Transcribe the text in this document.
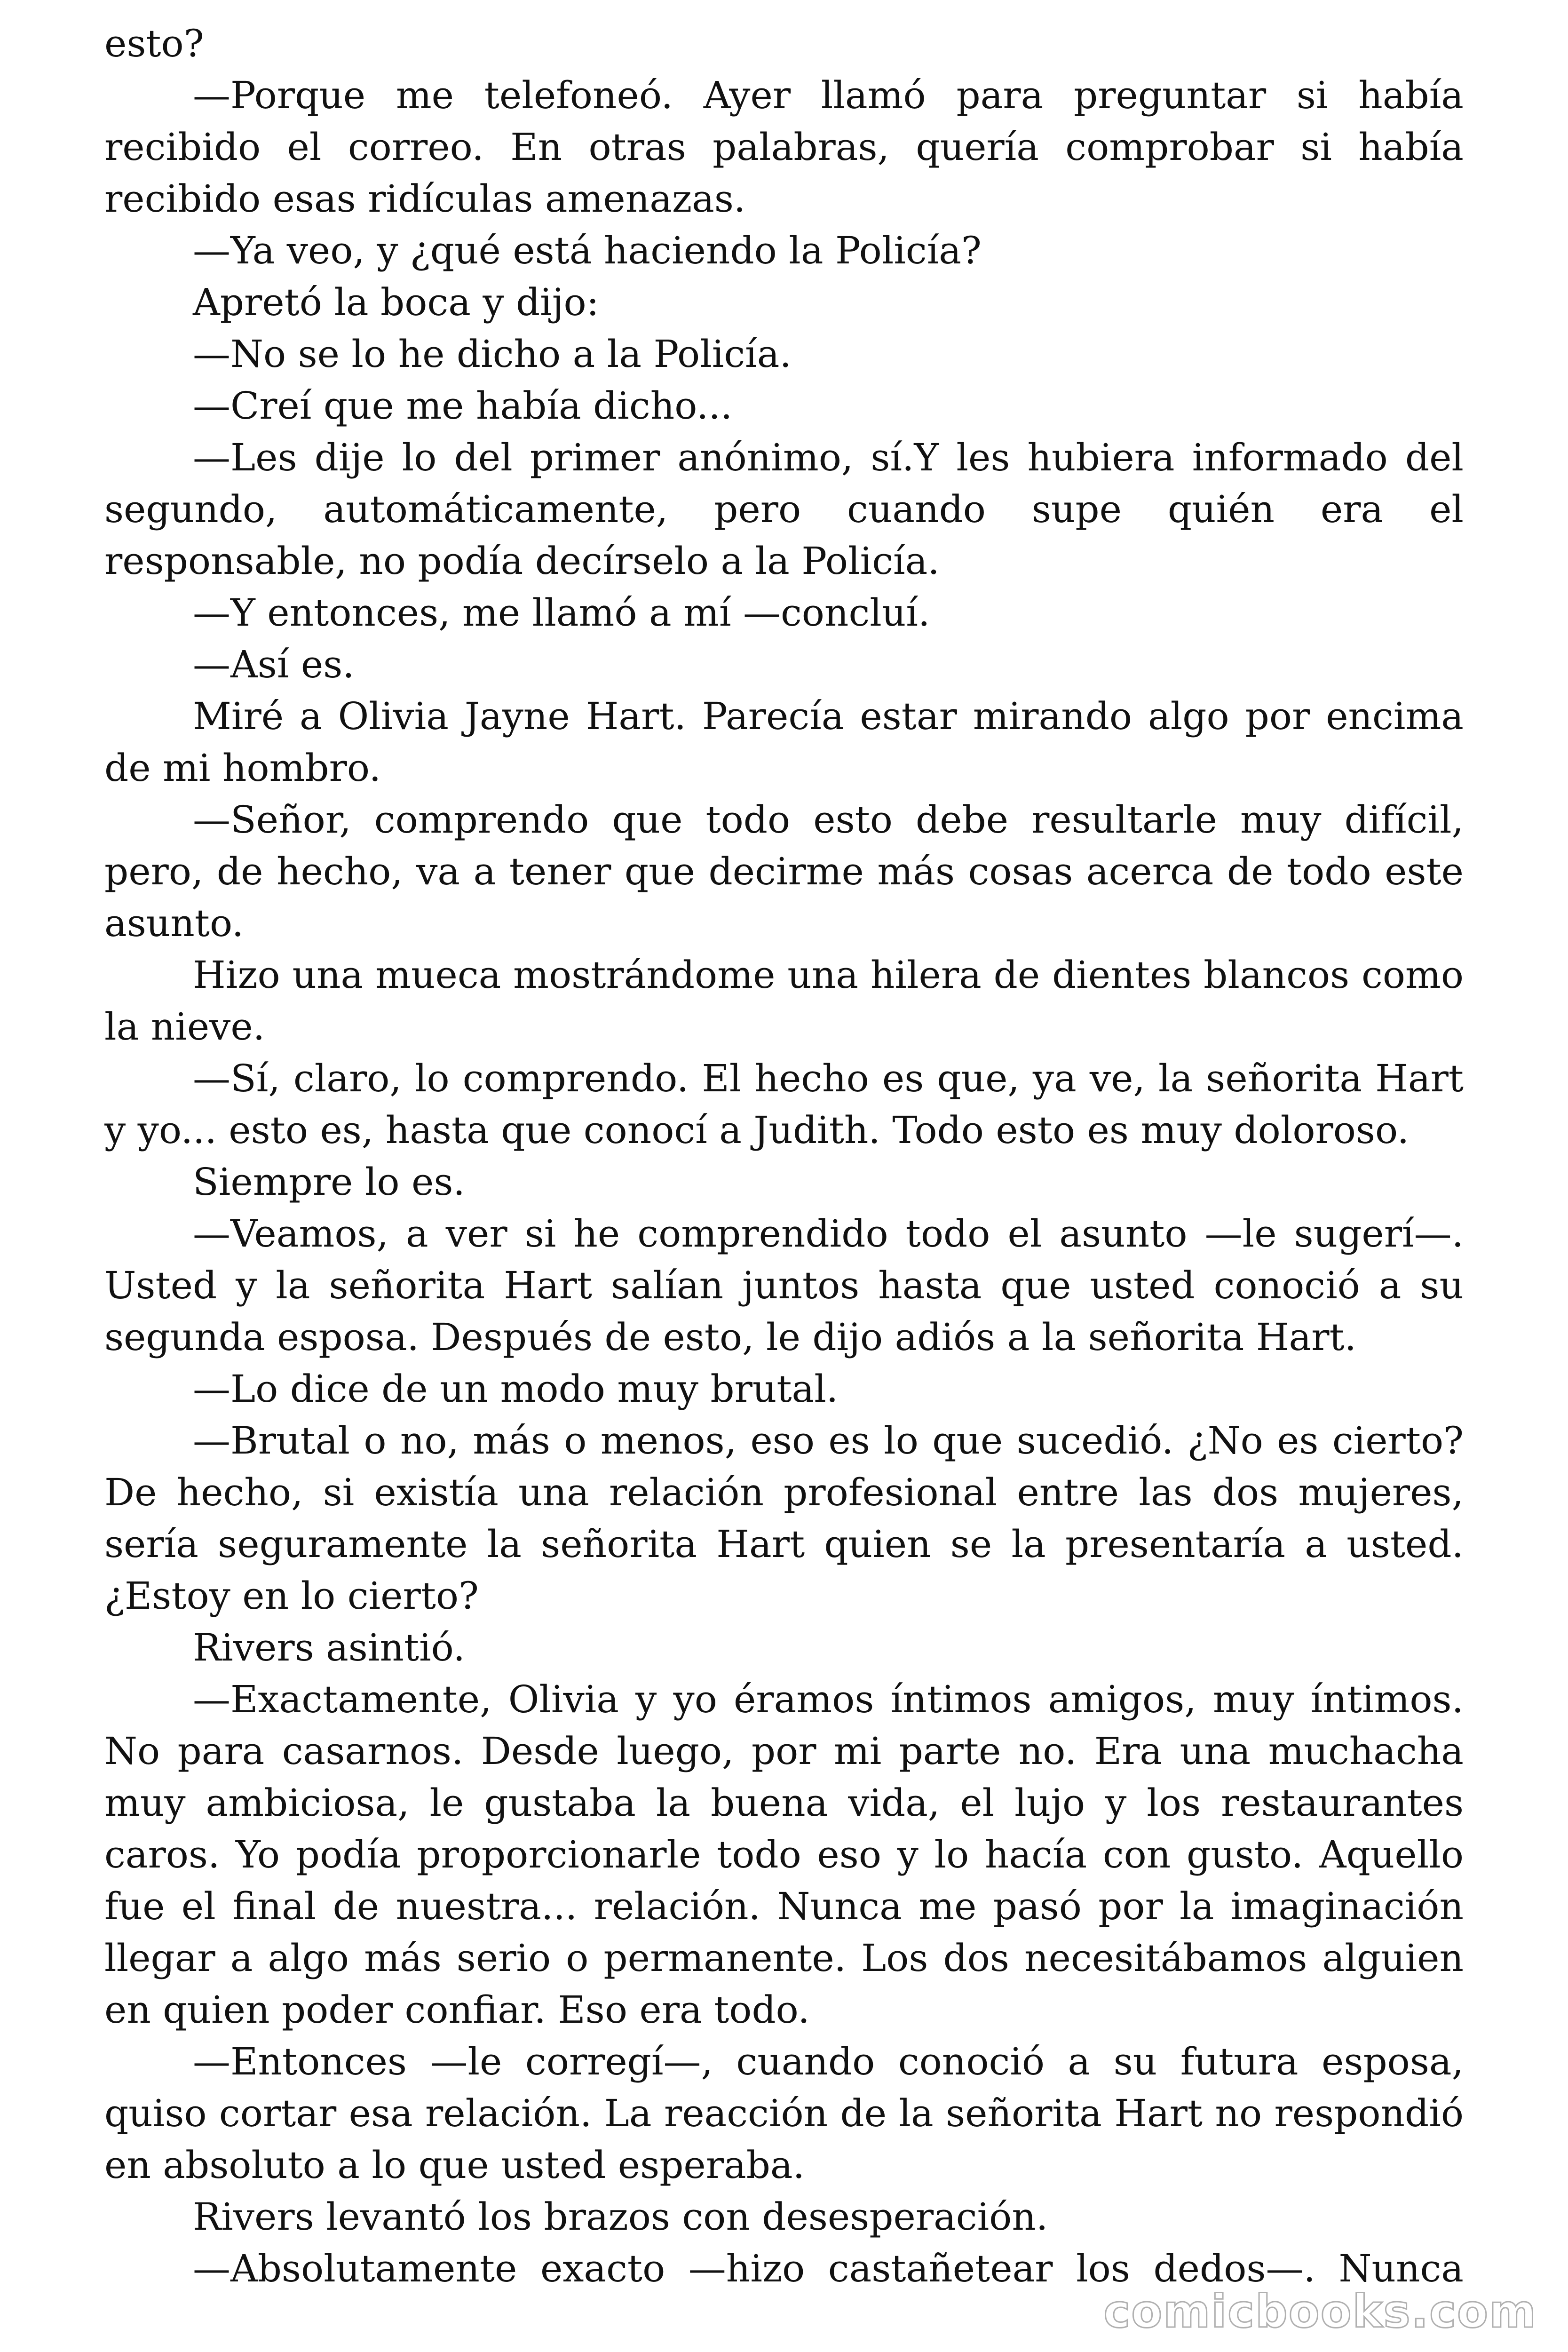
esto?

—Porque me telefoneó. Ayer llamó para preguntar si había recibido el correo. En otras palabras, quería comprobar si había recibido esas ridículas amenazas.

—Ya veo, y ¿qué está haciendo la Policía?

Apretó la boca y dijo:

—No se lo he dicho a la Policía.

—Creí que me había dicho...

—Les dije lo del primer anónimo, sí.Y les hubiera informado del segundo, automáticamente, pero cuando supe quién era el responsable, no podía decírselo a la Policía.

—Y entonces, me llamó a mí —concluí.

—Así es.

Miré a Olivia Jayne Hart. Parecía estar mirando algo por encima de mi hombro.

—Señor, comprendo que todo esto debe resultarle muy difícil, pero, de hecho, va a tener que decirme más cosas acerca de todo este asunto.

Hizo una mueca mostrándome una hilera de dientes blancos como la nieve.

—Sí, claro, lo comprendo. El hecho es que, ya ve, la señorita Hart y yo... esto es, hasta que conocí a Judith. Todo esto es muy doloroso.

Siempre lo es.

—Veamos, a ver si he comprendido todo el asunto —le sugerí—. Usted y la señorita Hart salían juntos hasta que usted conoció a su segunda esposa. Después de esto, le dijo adiós a la señorita Hart.

—Lo dice de un modo muy brutal.

—Brutal o no, más o menos, eso es lo que sucedió. ¿No es cierto? De hecho, si existía una relación profesional entre las dos mujeres, sería seguramente la señorita Hart quien se la presentaría a usted. ¿Estoy en lo cierto?

Rivers asintió.

—Exactamente, Olivia y yo éramos íntimos amigos, muy íntimos. No para casarnos. Desde luego, por mi parte no. Era una muchacha muy ambiciosa, le gustaba la buena vida, el lujo y los restaurantes caros. Yo podía proporcionarle todo eso y lo hacía con gusto. Aquello fue el final de nuestra... relación. Nunca me pasó por la imaginación llegar a algo más serio o permanente. Los dos necesitábamos alguien en quien poder confiar. Eso era todo.

—Entonces —le corregí—, cuando conoció a su futura esposa, quiso cortar esa relación. La reacción de la señorita Hart no respondió en absoluto a lo que usted esperaba.

Rivers levantó los brazos con desesperación.

—Absolutamente exacto —hizo castañetear los dedos—. Nunca

comicbooks.com
